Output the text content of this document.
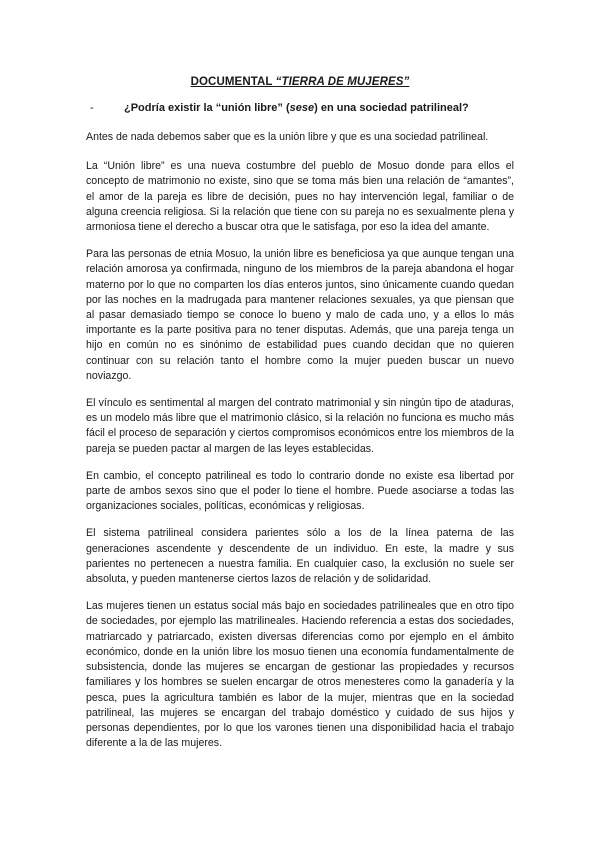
DOCUMENTAL “TIERRA DE MUJERES”
-	¿Podría existir la “unión libre” (sese) en una sociedad patrilineal?

Antes de nada debemos saber que es la unión libre y que es una sociedad patrilineal.

La “Unión libre” es una nueva costumbre del pueblo de Mosuo donde para ellos el concepto de matrimonio no existe, sino que se toma más bien una relación de “amantes”, el amor de la pareja es libre de decisión, pues no hay intervención legal, familiar o de alguna creencia religiosa. Si la relación que tiene con su pareja no es sexualmente plena y armoniosa tiene el derecho a buscar otra que le satisfaga, por eso la idea del amante.

Para las personas de etnia Mosuo, la unión libre es beneficiosa ya que aunque tengan una relación amorosa ya confirmada, ninguno de los miembros de la pareja abandona el hogar materno por lo que no comparten los días enteros juntos, sino únicamente cuando quedan por las noches en la madrugada para mantener relaciones sexuales, ya que piensan que al pasar demasiado tiempo se conoce lo bueno y malo de cada uno, y a ellos lo más importante es la parte positiva para no tener disputas. Además, que una pareja tenga un hijo en común no es sinónimo de estabilidad pues cuando decidan que no quieren continuar con su relación tanto el hombre como la mujer pueden buscar un nuevo noviazgo.

El vínculo es sentimental al margen del contrato matrimonial y sin ningún tipo de ataduras, es un modelo más libre que el matrimonio clásico, si la relación no funciona es mucho más fácil el proceso de separación y ciertos compromisos económicos entre los miembros de la pareja se pueden pactar al margen de las leyes establecidas.

En cambio, el concepto patrilineal es todo lo contrario donde no existe esa libertad por parte de ambos sexos sino que el poder lo tiene el hombre. Puede asociarse a todas las organizaciones sociales, políticas, económicas y religiosas.

El sistema patrilineal considera parientes sólo a los de la línea paterna de las generaciones ascendente y descendente de un individuo. En este, la madre y sus parientes no pertenecen a nuestra familia. En cualquier caso, la exclusión no suele ser absoluta, y pueden mantenerse ciertos lazos de relación y de solidaridad.

Las mujeres tienen un estatus social más bajo en sociedades patrilineales que en otro tipo de sociedades, por ejemplo las matrilineales. Haciendo referencia a estas dos sociedades, matriarcado y patriarcado, existen diversas diferencias como por ejemplo en el ámbito económico, donde en la unión libre los mosuo tienen una economía fundamentalmente de subsistencia, donde las mujeres se encargan de gestionar las propiedades y recursos familiares y los hombres se suelen encargar de otros menesteres como la ganadería y la pesca, pues la agricultura también es labor de la mujer, mientras que en la sociedad patrilineal, las mujeres se encargan del trabajo doméstico y cuidado de sus hijos y personas dependientes, por lo que los varones tienen una disponibilidad hacia el trabajo diferente a la de las mujeres.
